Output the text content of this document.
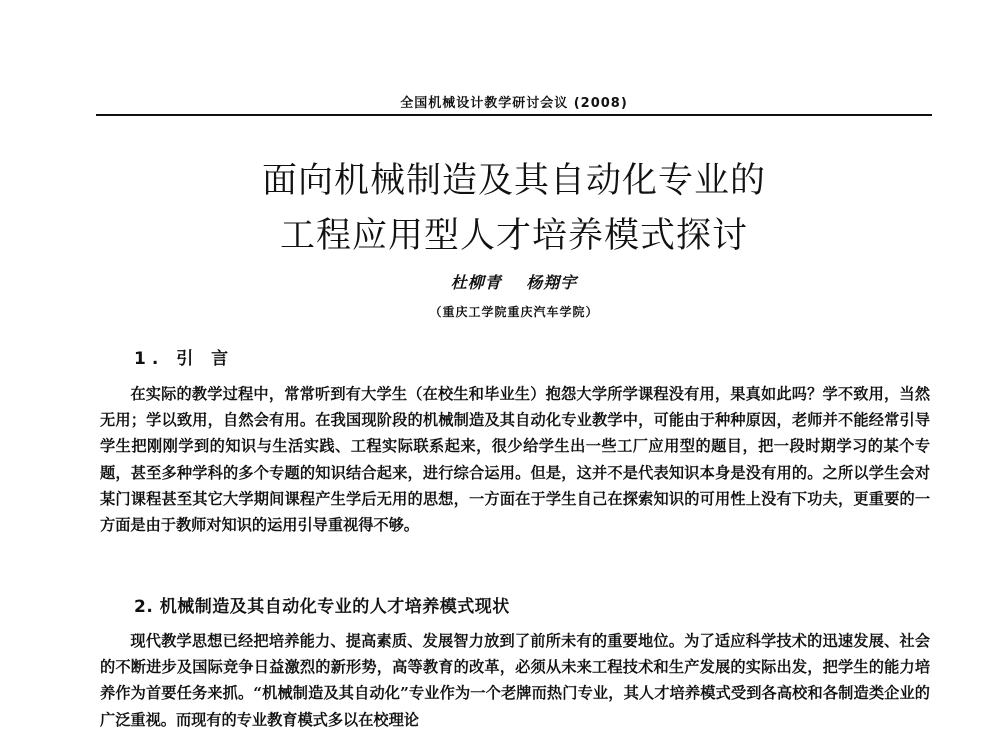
全国机械设计教学研讨会议 (2008)
面向机械制造及其自动化专业的
工程应用型人才培养模式探讨
杜柳青 杨翔宇
（重庆工学院重庆汽车学院）
1. 引 言
在实际的教学过程中，常常听到有大学生（在校生和毕业生）抱怨大学所学课程没有用，果真如此吗？学不致用，当然无用；学以致用，自然会有用。在我国现阶段的机械制造及其自动化专业教学中，可能由于种种原因，老师并不能经常引导学生把刚刚学到的知识与生活实践、工程实际联系起来，很少给学生出一些工厂应用型的题目，把一段时期学习的某个专题，甚至多种学科的多个专题的知识结合起来，进行综合运用。但是，这并不是代表知识本身是没有用的。之所以学生会对某门课程甚至其它大学期间课程产生学后无用的思想，一方面在于学生自己在探索知识的可用性上没有下功夫，更重要的一方面是由于教师对知识的运用引导重视得不够。
2. 机械制造及其自动化专业的人才培养模式现状
现代教学思想已经把培养能力、提高素质、发展智力放到了前所未有的重要地位。为了适应科学技术的迅速发展、社会的不断进步及国际竞争日益激烈的新形势，高等教育的改革，必须从未来工程技术和生产发展的实际出发，把学生的能力培养作为首要任务来抓。“机械制造及其自动化”专业作为一个老牌而热门专业，其人才培养模式受到各高校和各制造类企业的广泛重视。而现有的专业教育模式多以在校理论
